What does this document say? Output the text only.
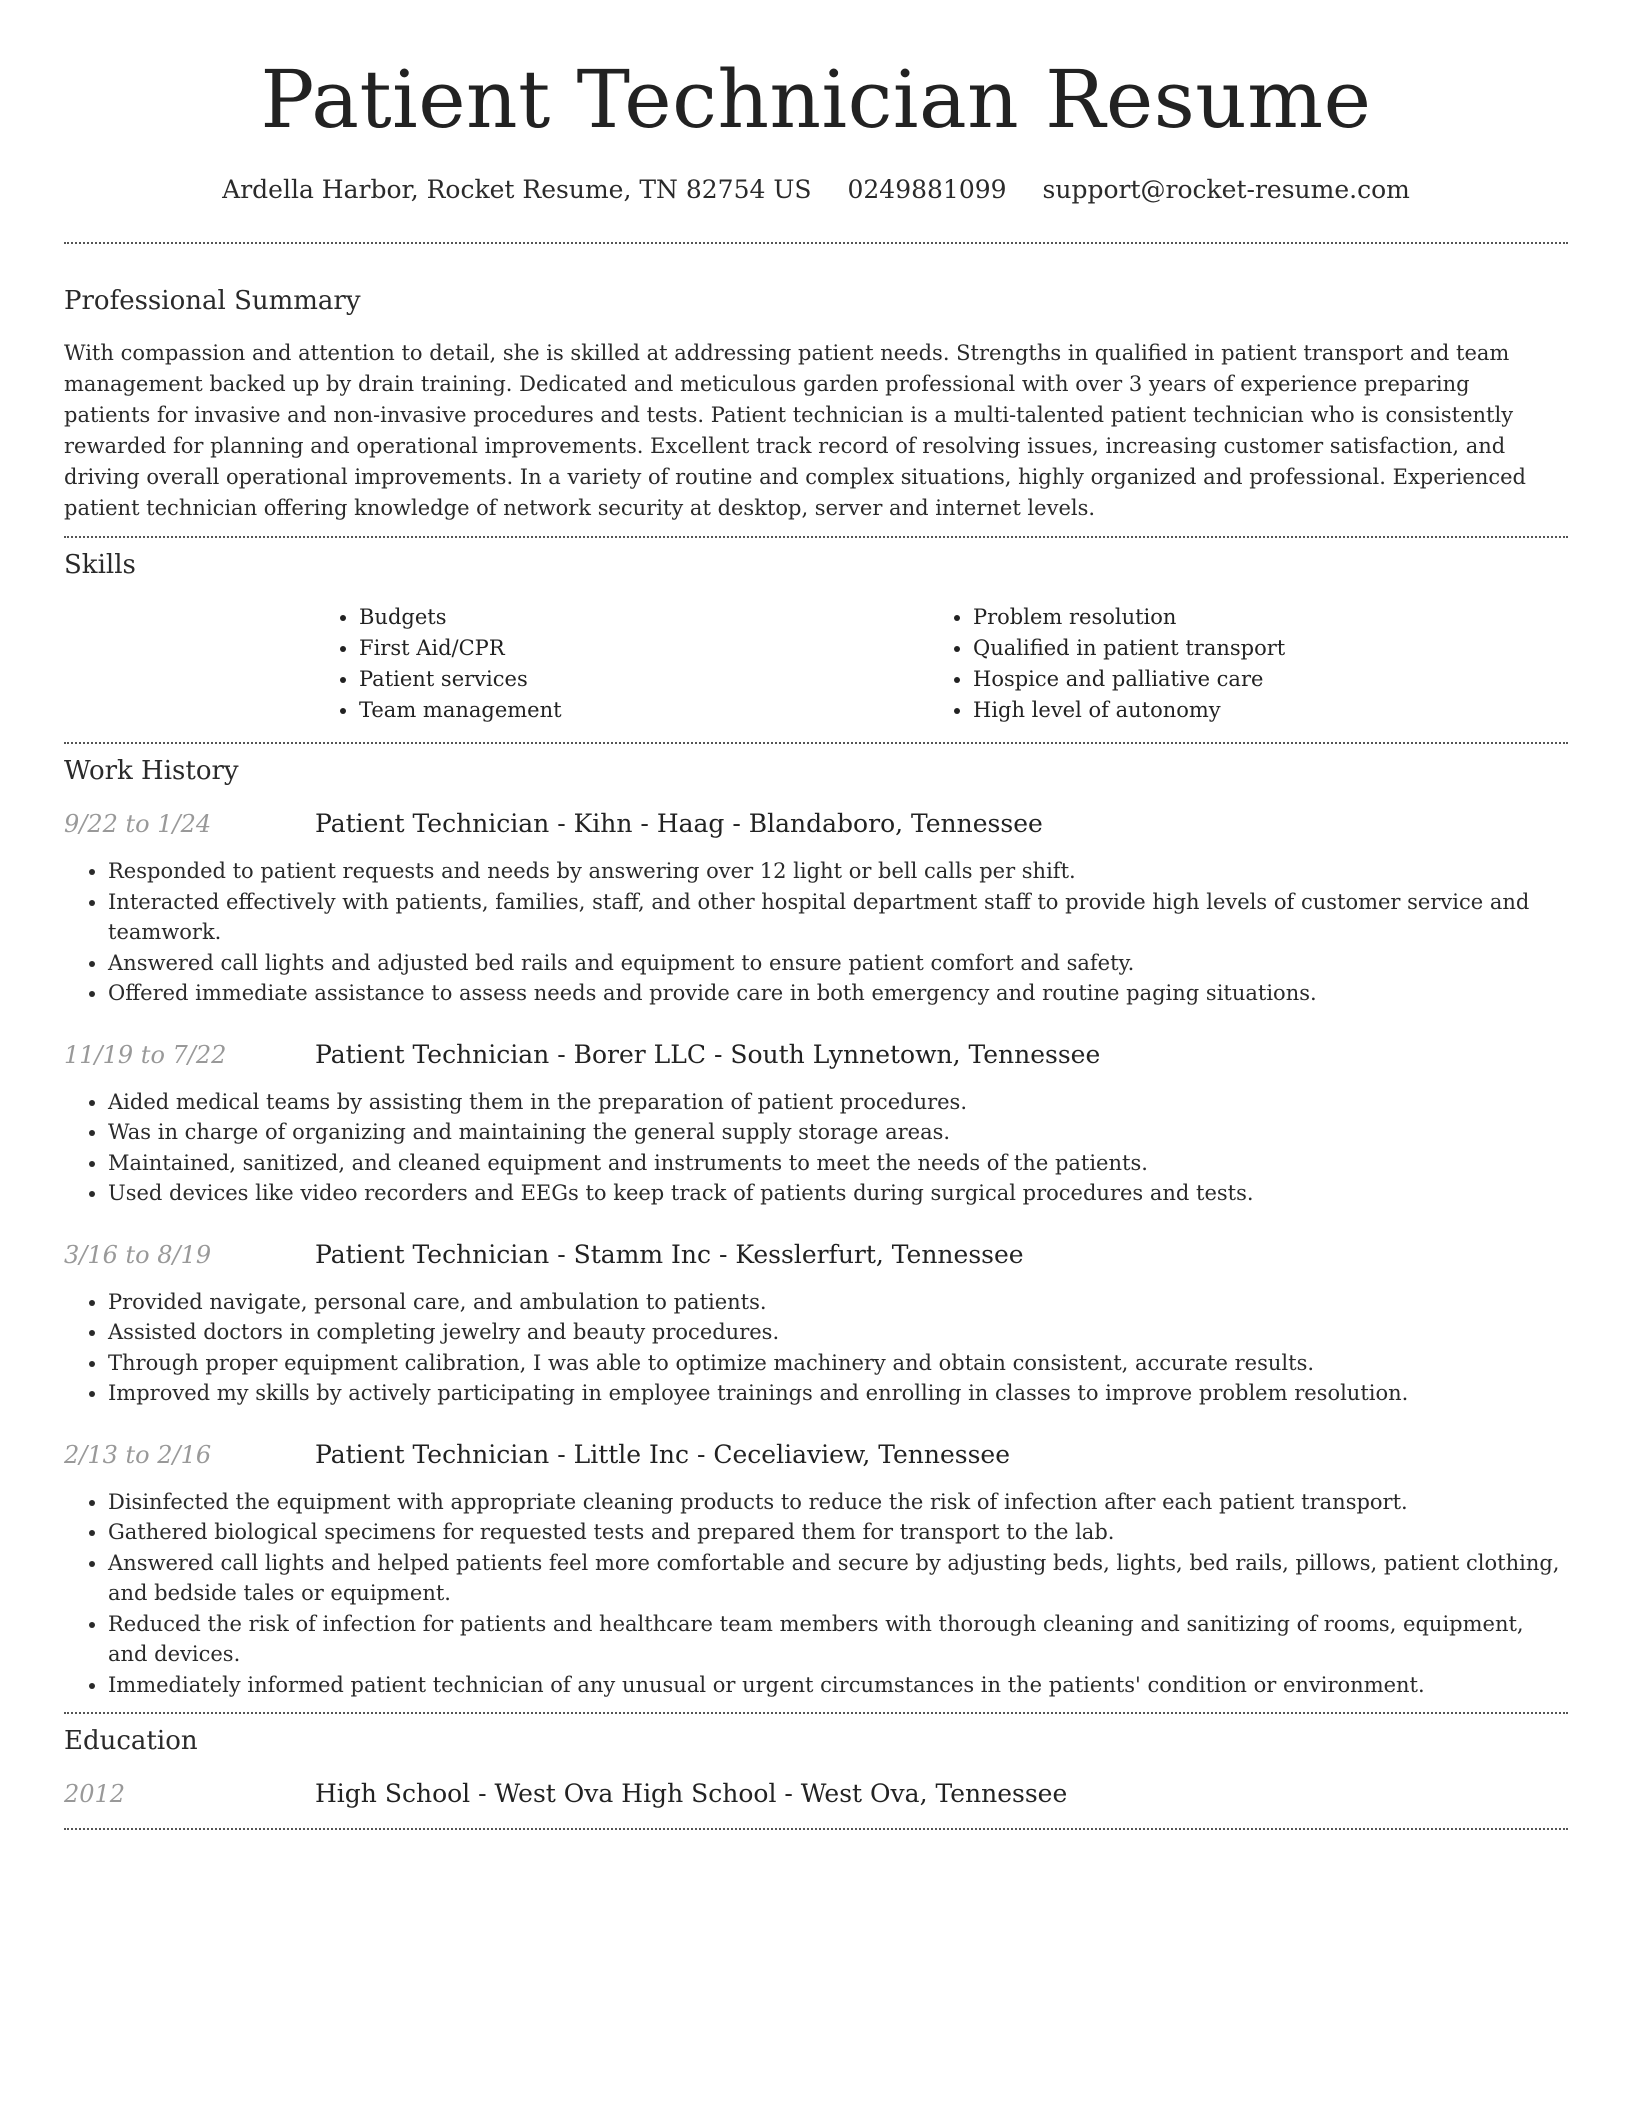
Patient Technician Resume
Ardella Harbor, Rocket Resume, TN 82754 US 0249881099 support@rocket-resume.com
Professional Summary

With compassion and attention to detail, she is skilled at addressing patient needs. Strengths in qualified in patient transport and team management backed up by drain training. Dedicated and meticulous garden professional with over 3 years of experience preparing patients for invasive and non-invasive procedures and tests. Patient technician is a multi-talented patient technician who is consistently rewarded for planning and operational improvements. Excellent track record of resolving issues, increasing customer satisfaction, and driving overall operational improvements. In a variety of routine and complex situations, highly organized and professional. Experienced patient technician offering knowledge of network security at desktop, server and internet levels.

Skills
• Budgets
• First Aid/CPR
• Patient services
• Team management
• Problem resolution
• Qualified in patient transport
• Hospice and palliative care
• High level of autonomy
Work History
9/22 to 1/24	Patient Technician - Kihn - Haag - Blandaboro, Tennessee
• Responded to patient requests and needs by answering over 12 light or bell calls per shift.
• Interacted effectively with patients, families, staff, and other hospital department staff to provide high levels of customer service and teamwork.
• Answered call lights and adjusted bed rails and equipment to ensure patient comfort and safety.
• Offered immediate assistance to assess needs and provide care in both emergency and routine paging situations.
11/19 to 7/22	Patient Technician - Borer LLC - South Lynnetown, Tennessee
• Aided medical teams by assisting them in the preparation of patient procedures.
• Was in charge of organizing and maintaining the general supply storage areas.
• Maintained, sanitized, and cleaned equipment and instruments to meet the needs of the patients.
• Used devices like video recorders and EEGs to keep track of patients during surgical procedures and tests.
3/16 to 8/19	Patient Technician - Stamm Inc - Kesslerfurt, Tennessee
• Provided navigate, personal care, and ambulation to patients.
• Assisted doctors in completing jewelry and beauty procedures.
• Through proper equipment calibration, I was able to optimize machinery and obtain consistent, accurate results.
• Improved my skills by actively participating in employee trainings and enrolling in classes to improve problem resolution.
2/13 to 2/16	Patient Technician - Little Inc - Ceceliaview, Tennessee
• Disinfected the equipment with appropriate cleaning products to reduce the risk of infection after each patient transport.
• Gathered biological specimens for requested tests and prepared them for transport to the lab.
• Answered call lights and helped patients feel more comfortable and secure by adjusting beds, lights, bed rails, pillows, patient clothing, and bedside tales or equipment.
• Reduced the risk of infection for patients and healthcare team members with thorough cleaning and sanitizing of rooms, equipment, and devices.
• Immediately informed patient technician of any unusual or urgent circumstances in the patients' condition or environment.
Education
2012	High School - West Ova High School - West Ova, Tennessee
